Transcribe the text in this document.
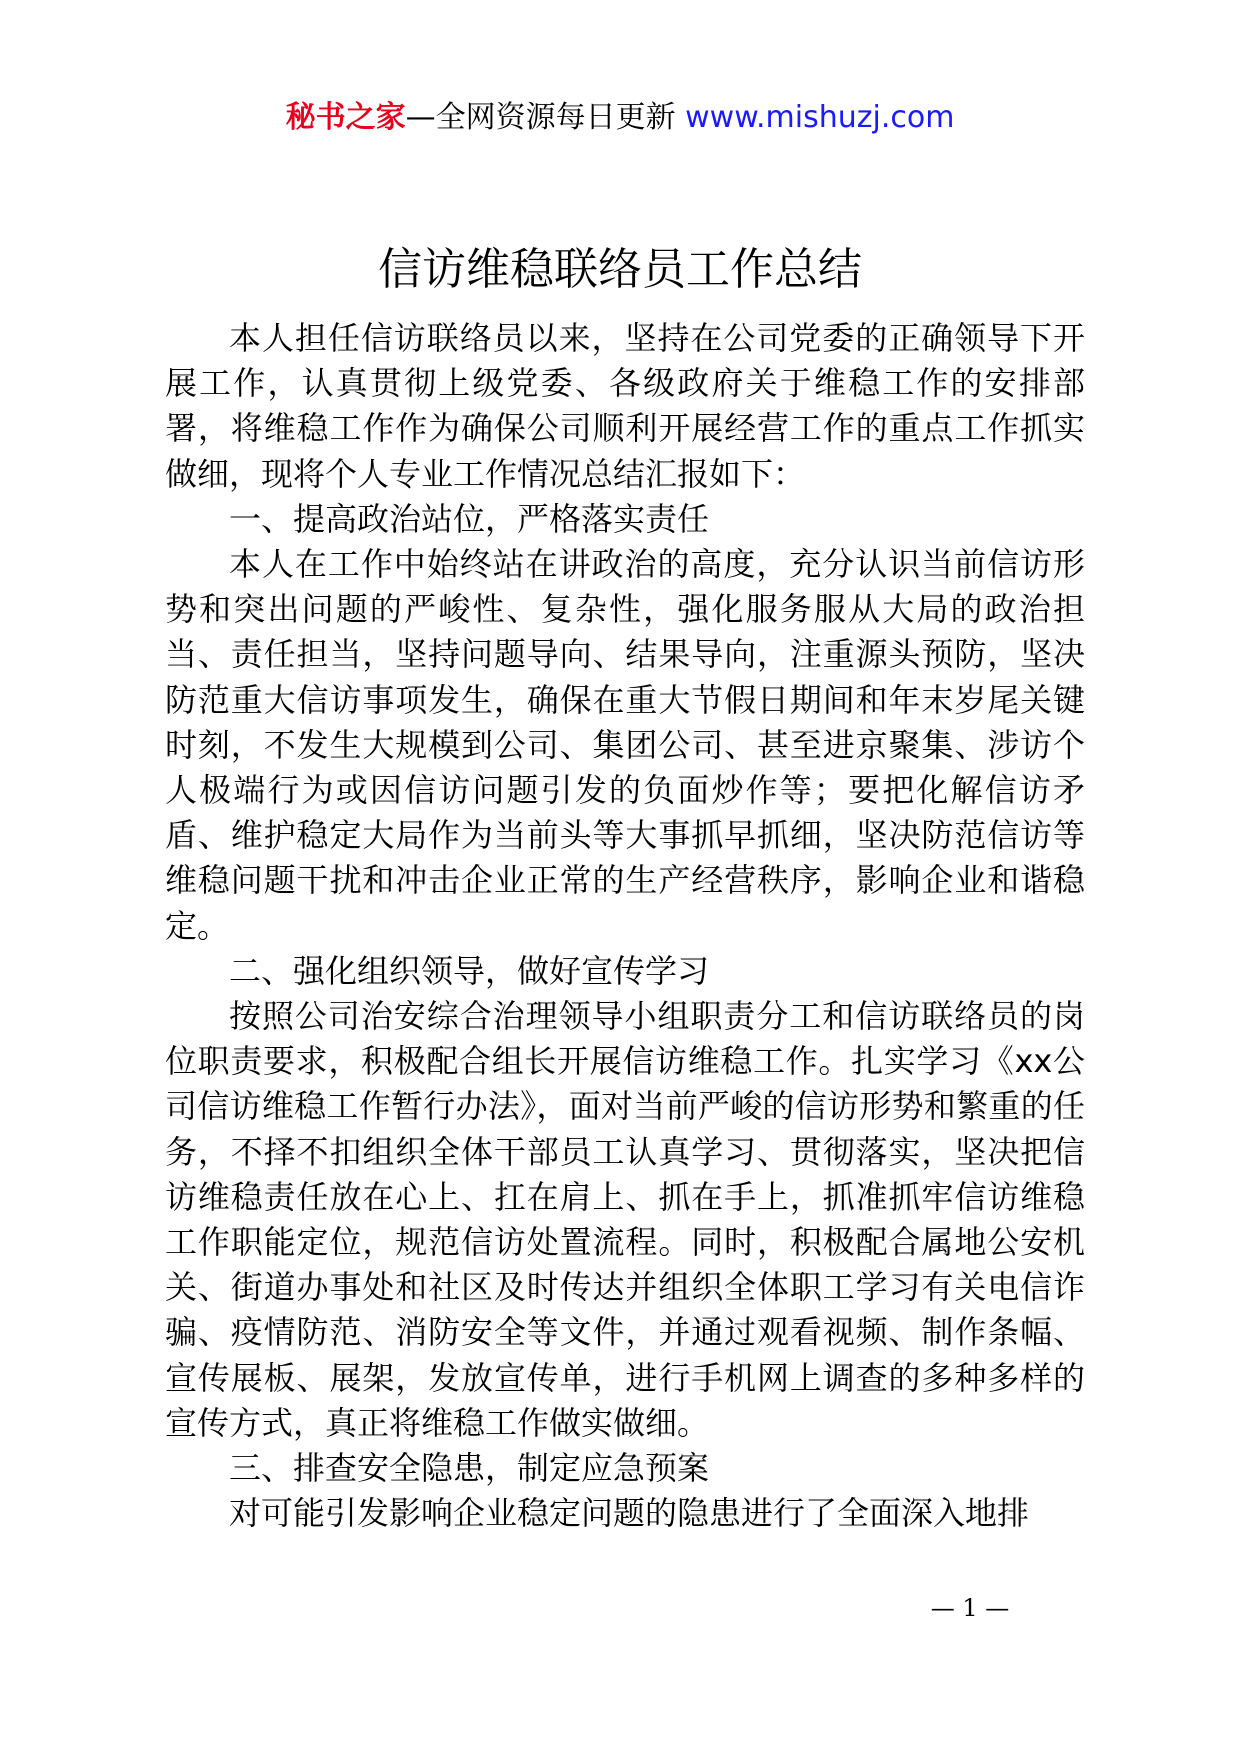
秘书之家—全网资源每日更新 www.mishuzj.com
信访维稳联络员工作总结

本人担任信访联络员以来，坚持在公司党委的正确领导下开展工作，认真贯彻上级党委、各级政府关于维稳工作的安排部署，将维稳工作作为确保公司顺利开展经营工作的重点工作抓实做细，现将个人专业工作情况总结汇报如下：

一、提高政治站位，严格落实责任

本人在工作中始终站在讲政治的高度，充分认识当前信访形势和突出问题的严峻性、复杂性，强化服务服从大局的政治担当、责任担当，坚持问题导向、结果导向，注重源头预防，坚决防范重大信访事项发生，确保在重大节假日期间和年末岁尾关键时刻，不发生大规模到公司、集团公司、甚至进京聚集、涉访个人极端行为或因信访问题引发的负面炒作等；要把化解信访矛盾、维护稳定大局作为当前头等大事抓早抓细，坚决防范信访等维稳问题干扰和冲击企业正常的生产经营秩序，影响企业和谐稳定。

二、强化组织领导，做好宣传学习

按照公司治安综合治理领导小组职责分工和信访联络员的岗位职责要求，积极配合组长开展信访维稳工作。扎实学习《xx公司信访维稳工作暂行办法》，面对当前严峻的信访形势和繁重的任务，不择不扣组织全体干部员工认真学习、贯彻落实，坚决把信访维稳责任放在心上、扛在肩上、抓在手上，抓准抓牢信访维稳工作职能定位，规范信访处置流程。同时，积极配合属地公安机关、街道办事处和社区及时传达并组织全体职工学习有关电信诈骗、疫情防范、消防安全等文件，并通过观看视频、制作条幅、宣传展板、展架，发放宣传单，进行手机网上调查的多种多样的宣传方式，真正将维稳工作做实做细。

三、排查安全隐患，制定应急预案

对可能引发影响企业稳定问题的隐患进行了全面深入地排

— 1 —
